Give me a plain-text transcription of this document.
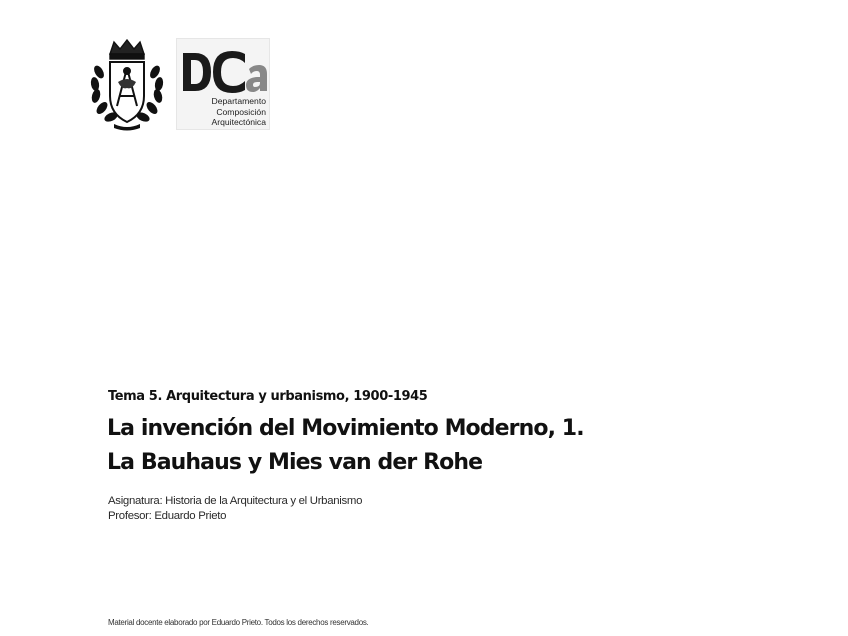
Departamento
Composición
Arquitectónica
Tema 5. Arquitectura y urbanismo, 1900-1945
La invención del Movimiento Moderno, 1.
La Bauhaus y Mies van der Rohe
Asignatura: Historia de la Arquitectura y el Urbanismo
Profesor: Eduardo Prieto
Material docente elaborado por Eduardo Prieto. Todos los derechos reservados.
